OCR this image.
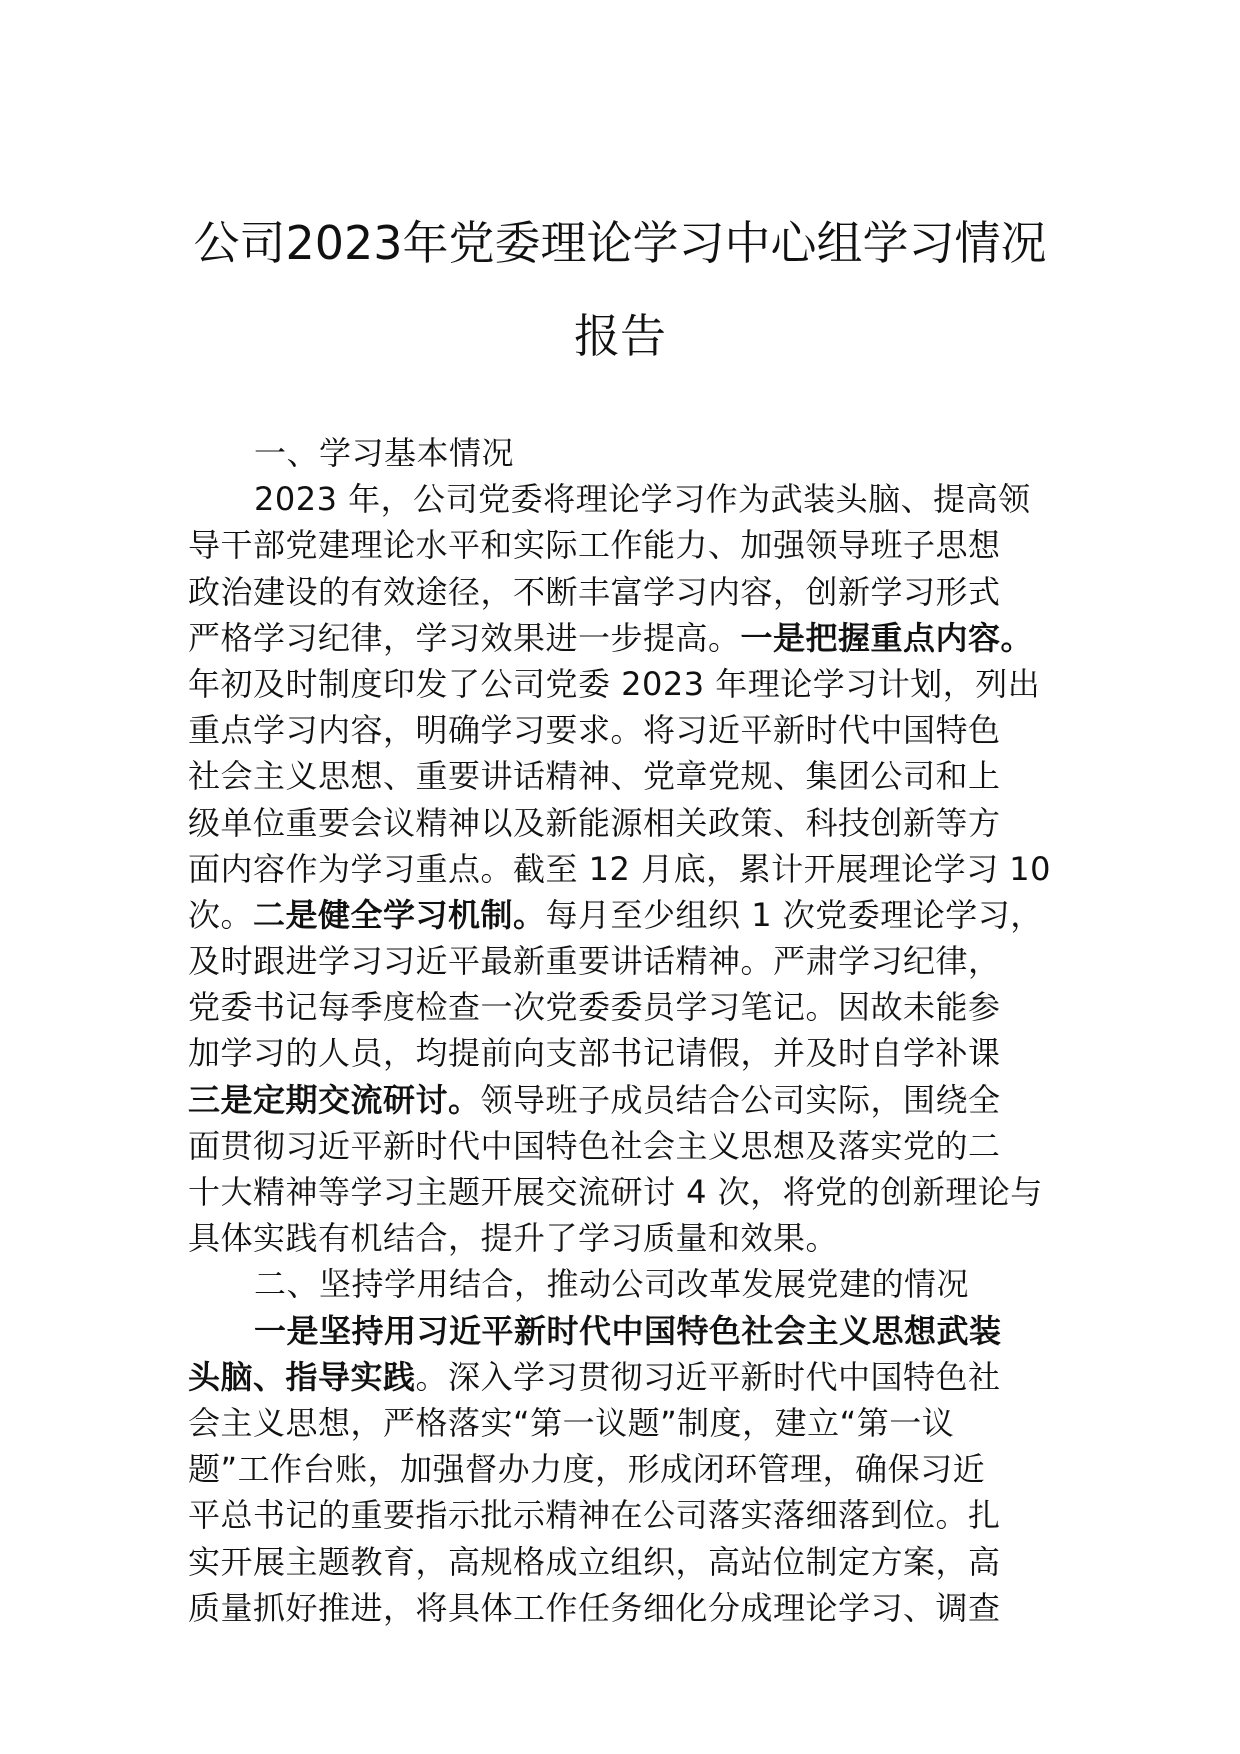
公司2023年党委理论学习中心组学习情况
报告
一、学习基本情况
2023 年，公司党委将理论学习作为武装头脑、提高领
导干部党建理论水平和实际工作能力、加强领导班子思想
政治建设的有效途径，不断丰富学习内容，创新学习形式
严格学习纪律，学习效果进一步提高。一是把握重点内容。
年初及时制度印发了公司党委 2023 年理论学习计划，列出
重点学习内容，明确学习要求。将习近平新时代中国特色
社会主义思想、重要讲话精神、党章党规、集团公司和上
级单位重要会议精神以及新能源相关政策、科技创新等方
面内容作为学习重点。截至 12 月底，累计开展理论学习 10
次。二是健全学习机制。每月至少组织 1 次党委理论学习，
及时跟进学习习近平最新重要讲话精神。严肃学习纪律，
党委书记每季度检查一次党委委员学习笔记。因故未能参
加学习的人员，均提前向支部书记请假，并及时自学补课
三是定期交流研讨。领导班子成员结合公司实际，围绕全
面贯彻习近平新时代中国特色社会主义思想及落实党的二
十大精神等学习主题开展交流研讨 4 次，将党的创新理论与
具体实践有机结合，提升了学习质量和效果。
二、坚持学用结合，推动公司改革发展党建的情况
一是坚持用习近平新时代中国特色社会主义思想武装
头脑、指导实践。深入学习贯彻习近平新时代中国特色社
会主义思想，严格落实“第一议题”制度，建立“第一议
题”工作台账，加强督办力度，形成闭环管理，确保习近
平总书记的重要指示批示精神在公司落实落细落到位。扎
实开展主题教育，高规格成立组织，高站位制定方案，高
质量抓好推进，将具体工作任务细化分成理论学习、调查
